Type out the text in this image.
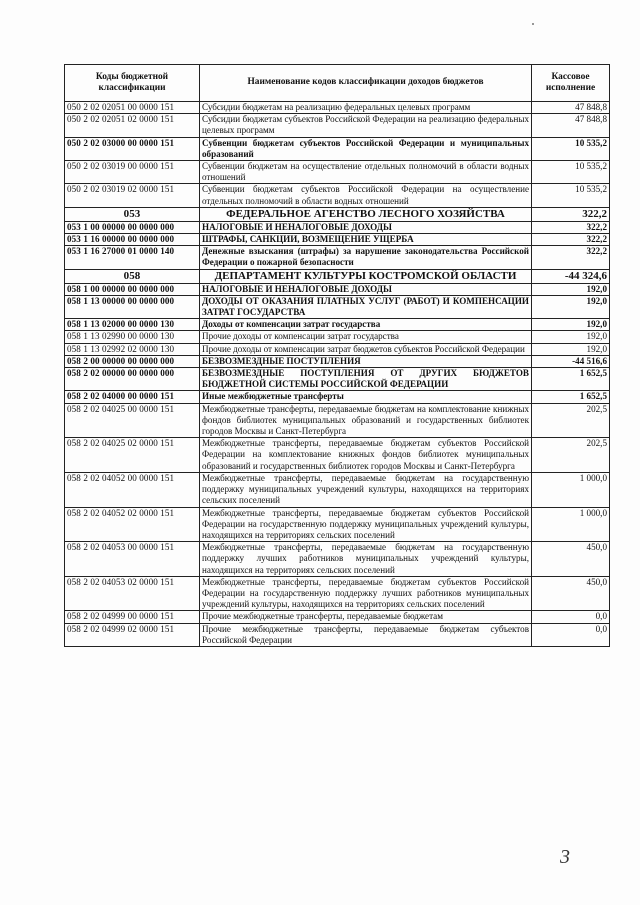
Коды бюджетной классификации	Наименование кодов классификации доходов бюджетов	Кассовое исполнение
050 2 02 02051 00 0000 151	Субсидии бюджетам на реализацию федеральных целевых программ	47 848,8
050 2 02 02051 02 0000 151	Субсидии бюджетам субъектов Российской Федерации на реализацию федеральных целевых программ	47 848,8
050 2 02 03000 00 0000 151	Субвенции бюджетам субъектов Российской Федерации и муниципальных образований	10 535,2
050 2 02 03019 00 0000 151	Субвенции бюджетам на осуществление отдельных полномочий в области водных отношений	10 535,2
050 2 02 03019 02 0000 151	Субвенции бюджетам субъектов Российской Федерации на осуществление отдельных полномочий в области водных отношений	10 535,2
053	ФЕДЕРАЛЬНОЕ АГЕНСТВО ЛЕСНОГО ХОЗЯЙСТВА	322,2
053 1 00 00000 00 0000 000	НАЛОГОВЫЕ И НЕНАЛОГОВЫЕ ДОХОДЫ	322,2
053 1 16 00000 00 0000 000	ШТРАФЫ, САНКЦИИ, ВОЗМЕЩЕНИЕ УЩЕРБА	322,2
053 1 16 27000 01 0000 140	Денежные взыскания (штрафы) за нарушение законодательства Российской Федерации о пожарной безопасности	322,2
058	ДЕПАРТАМЕНТ КУЛЬТУРЫ КОСТРОМСКОЙ ОБЛАСТИ	-44 324,6
058 1 00 00000 00 0000 000	НАЛОГОВЫЕ И НЕНАЛОГОВЫЕ ДОХОДЫ	192,0
058 1 13 00000 00 0000 000	ДОХОДЫ ОТ ОКАЗАНИЯ ПЛАТНЫХ УСЛУГ (РАБОТ) И КОМПЕНСАЦИИ ЗАТРАТ ГОСУДАРСТВА	192,0
058 1 13 02000 00 0000 130	Доходы от компенсации затрат государства	192,0
058 1 13 02990 00 0000 130	Прочие доходы от компенсации затрат государства	192,0
058 1 13 02992 02 0000 130	Прочие доходы от компенсации затрат бюджетов субъектов Российской Федерации	192,0
058 2 00 00000 00 0000 000	БЕЗВОЗМЕЗДНЫЕ ПОСТУПЛЕНИЯ	-44 516,6
058 2 02 00000 00 0000 000	БЕЗВОЗМЕЗДНЫЕ ПОСТУПЛЕНИЯ ОТ ДРУГИХ БЮДЖЕТОВ БЮДЖЕТНОЙ СИСТЕМЫ РОССИЙСКОЙ ФЕДЕРАЦИИ	1 652,5
058 2 02 04000 00 0000 151	Иные межбюджетные трансферты	1 652,5
058 2 02 04025 00 0000 151	Межбюджетные трансферты, передаваемые бюджетам на комплектование книжных фондов библиотек муниципальных образований и государственных библиотек городов Москвы и Санкт-Петербурга	202,5
058 2 02 04025 02 0000 151	Межбюджетные трансферты, передаваемые бюджетам субъектов Российской Федерации на комплектование книжных фондов библиотек муниципальных образований и государственных библиотек городов Москвы и Санкт-Петербурга	202,5
058 2 02 04052 00 0000 151	Межбюджетные трансферты, передаваемые бюджетам на государственную поддержку муниципальных учреждений культуры, находящихся на территориях сельских поселений	1 000,0
058 2 02 04052 02 0000 151	Межбюджетные трансферты, передаваемые бюджетам субъектов Российской Федерации на государственную поддержку муниципальных учреждений культуры, находящихся на территориях сельских поселений	1 000,0
058 2 02 04053 00 0000 151	Межбюджетные трансферты, передаваемые бюджетам на государственную поддержку лучших работников муниципальных учреждений культуры, находящихся на территориях сельских поселений	450,0
058 2 02 04053 02 0000 151	Межбюджетные трансферты, передаваемые бюджетам субъектов Российской Федерации на государственную поддержку лучших работников муниципальных учреждений культуры, находящихся на территориях сельских поселений	450,0
058 2 02 04999 00 0000 151	Прочие межбюджетные трансферты, передаваемые бюджетам	0,0
058 2 02 04999 02 0000 151	Прочие межбюджетные трансферты, передаваемые бюджетам субъектов Российской Федерации	0,0
3
